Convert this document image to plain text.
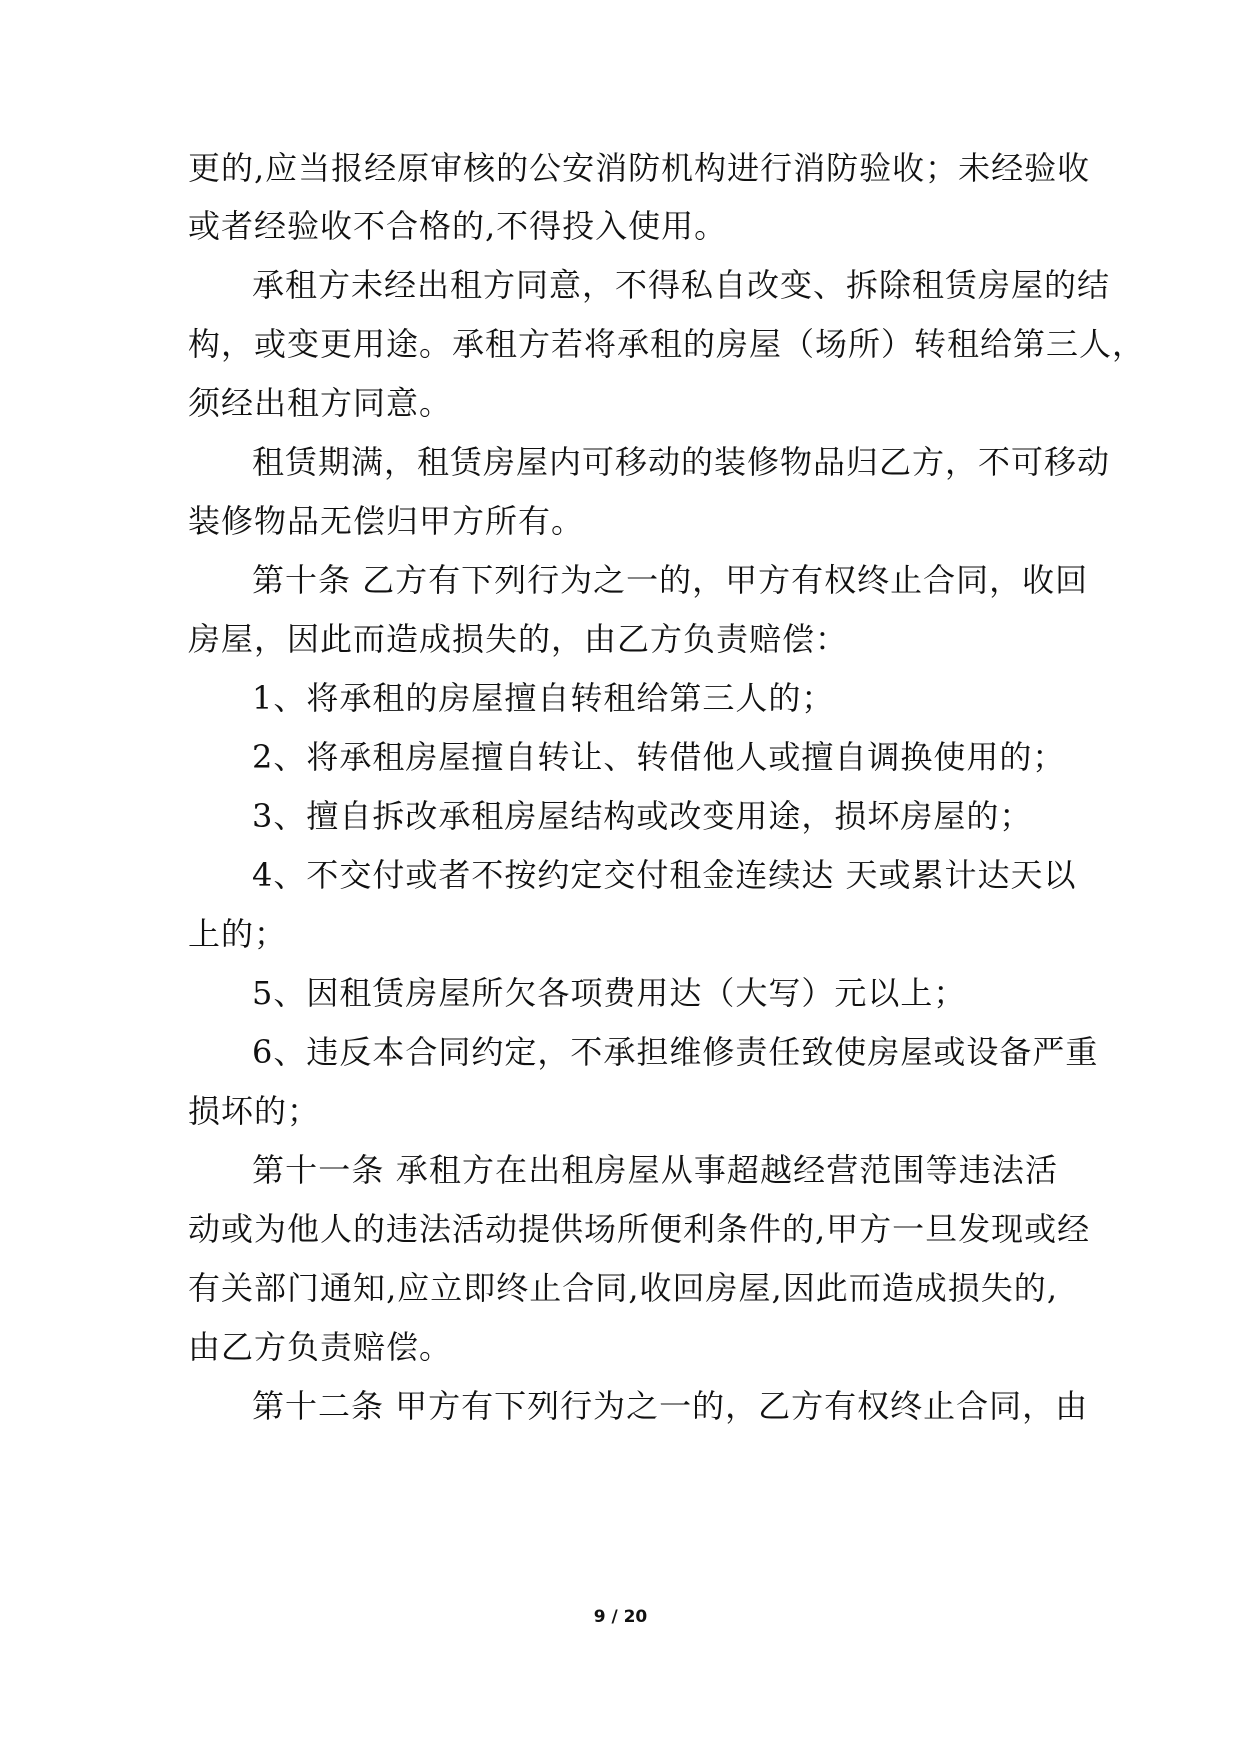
更的,应当报经原审核的公安消防机构进行消防验收；未经验收
或者经验收不合格的,不得投入使用。
承租方未经出租方同意，不得私自改变、拆除租赁房屋的结
构，或变更用途。承租方若将承租的房屋（场所）转租给第三人，
须经出租方同意。
租赁期满，租赁房屋内可移动的装修物品归乙方，不可移动
装修物品无偿归甲方所有。
第十条 乙方有下列行为之一的，甲方有权终止合同，收回
房屋，因此而造成损失的，由乙方负责赔偿：
1、将承租的房屋擅自转租给第三人的；
2、将承租房屋擅自转让、转借他人或擅自调换使用的；
3、擅自拆改承租房屋结构或改变用途，损坏房屋的；
4、不交付或者不按约定交付租金连续达 天或累计达天以
上的；
5、因租赁房屋所欠各项费用达（大写）元以上；
6、违反本合同约定，不承担维修责任致使房屋或设备严重
损坏的；
第十一条 承租方在出租房屋从事超越经营范围等违法活
动或为他人的违法活动提供场所便利条件的,甲方一旦发现或经
有关部门通知,应立即终止合同,收回房屋,因此而造成损失的,
由乙方负责赔偿。
第十二条 甲方有下列行为之一的，乙方有权终止合同，由
9 / 20
